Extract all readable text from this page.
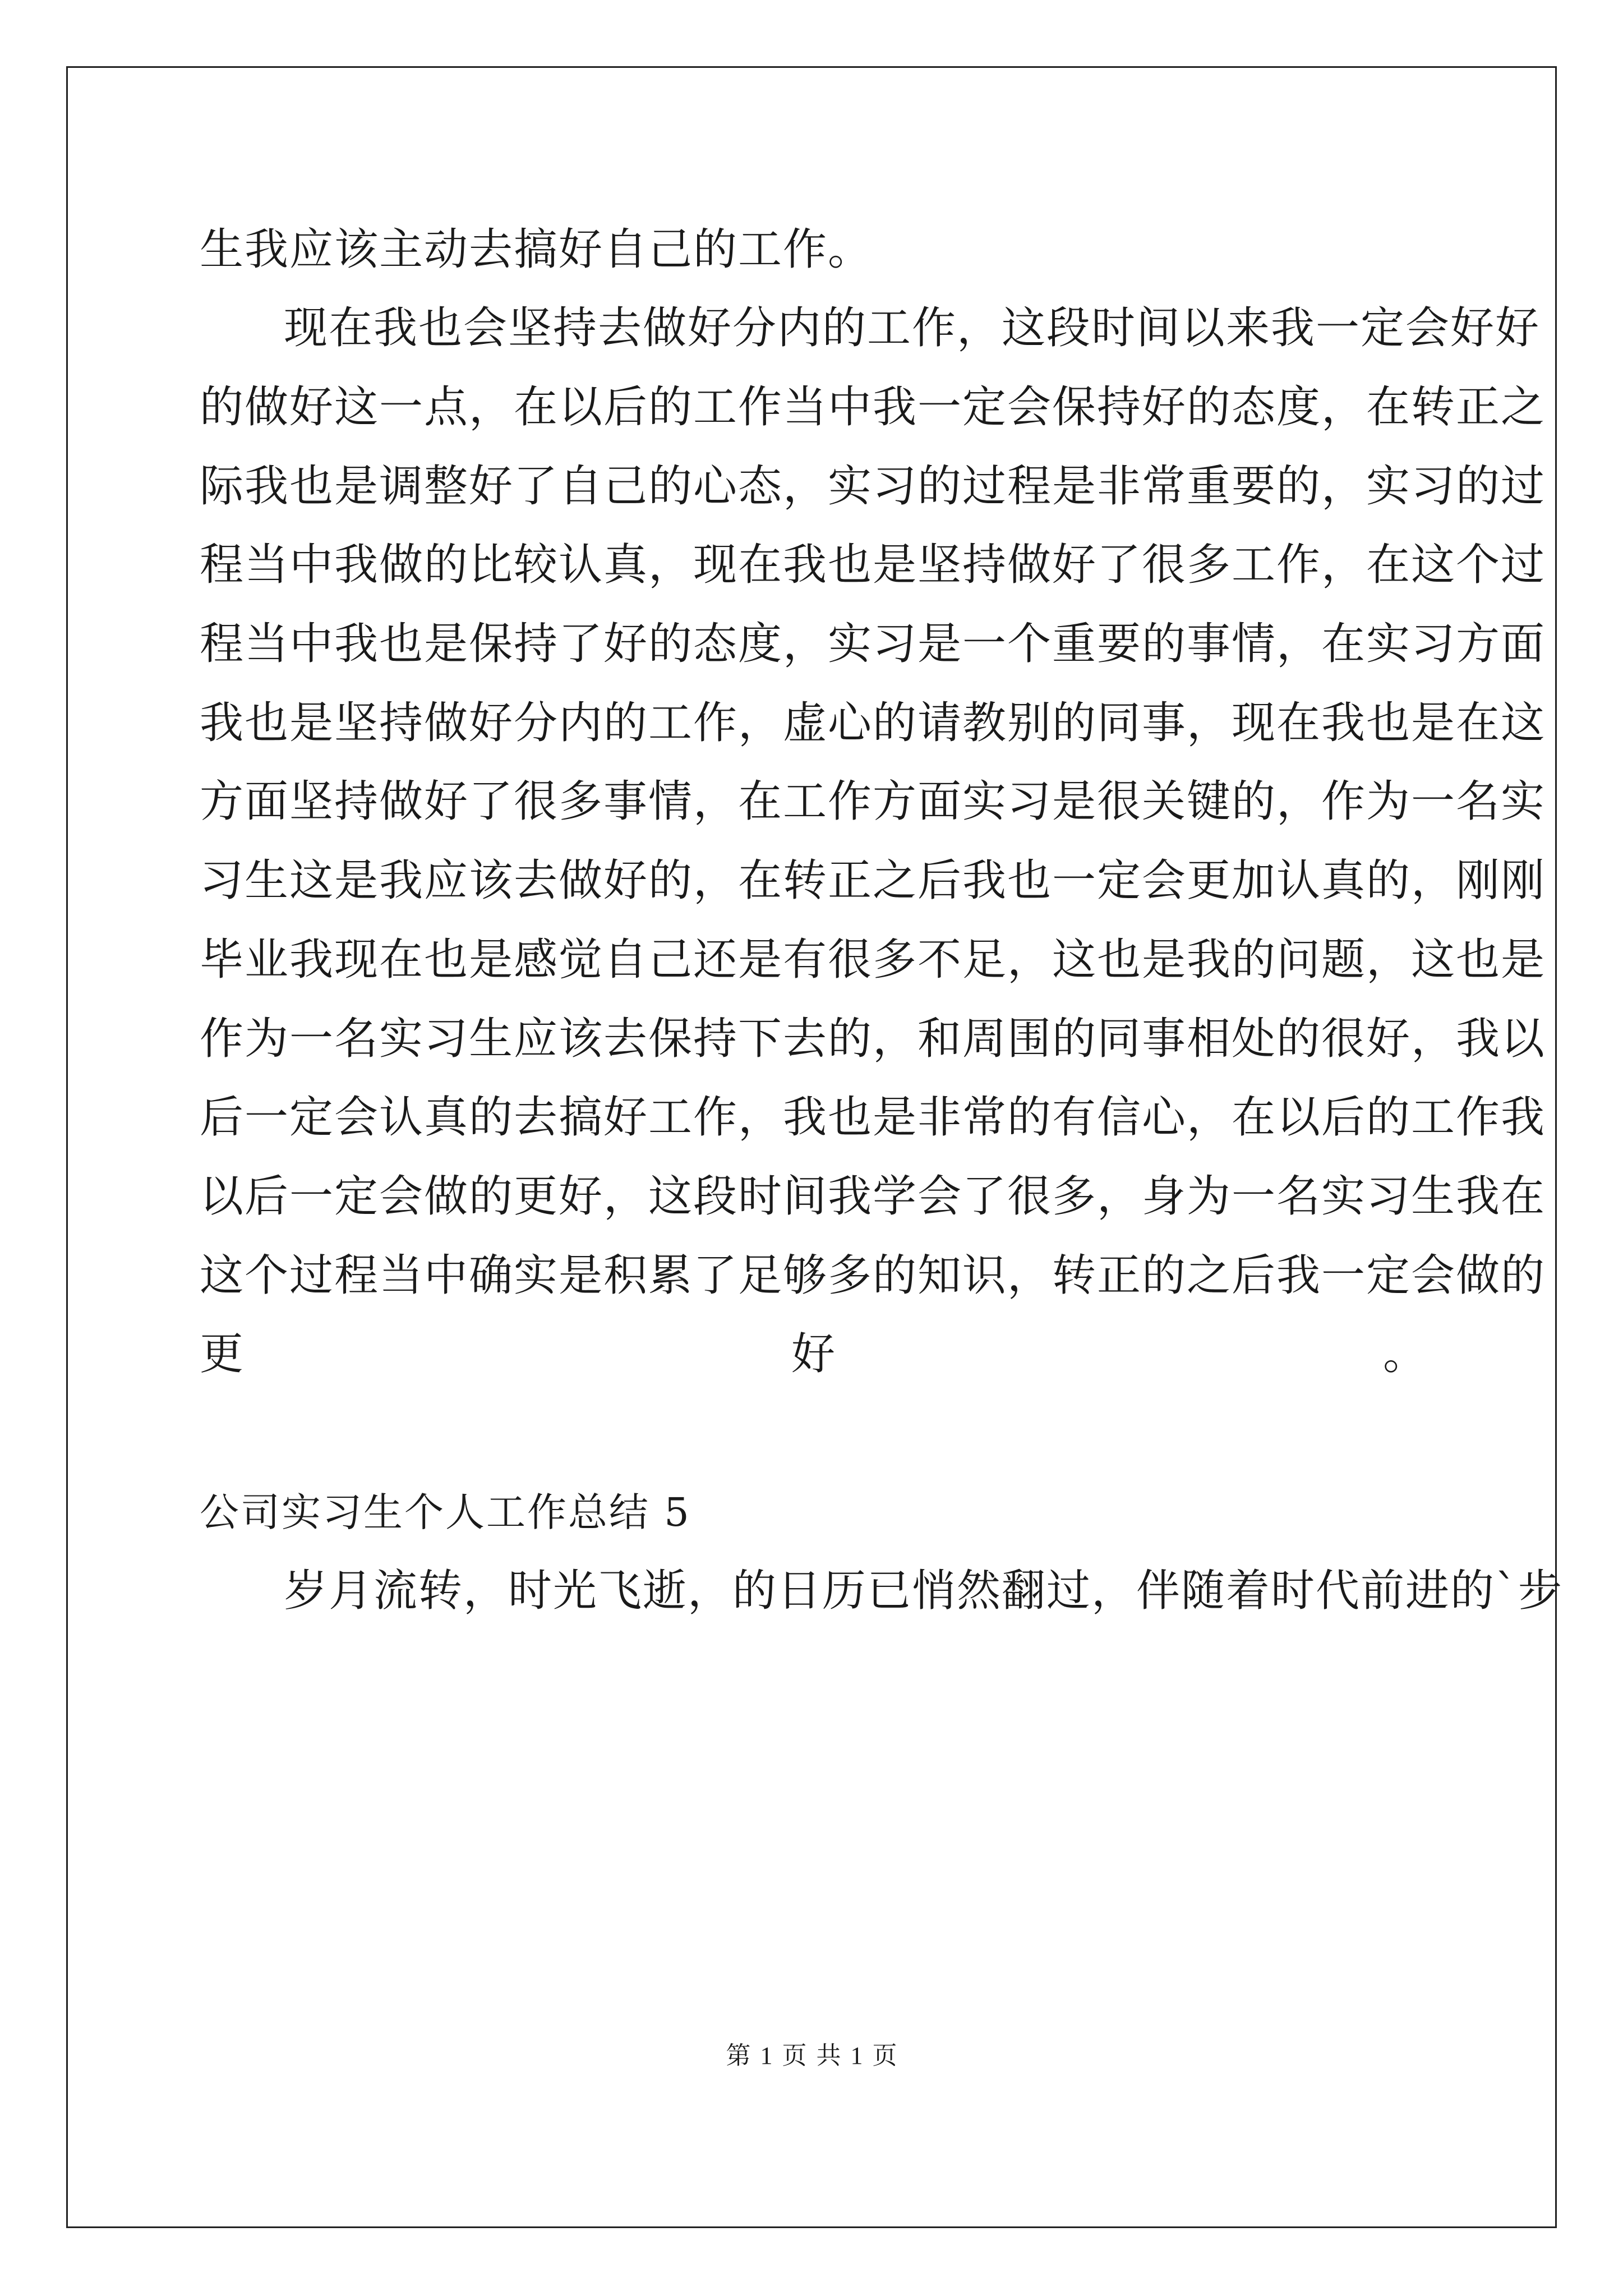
生我应该主动去搞好自己的工作。
现在我也会坚持去做好分内的工作，这段时间以来我一定会好好
的做好这一点，在以后的工作当中我一定会保持好的态度，在转正之
际我也是调整好了自己的心态，实习的过程是非常重要的，实习的过
程当中我做的比较认真，现在我也是坚持做好了很多工作，在这个过
程当中我也是保持了好的态度，实习是一个重要的事情，在实习方面
我也是坚持做好分内的工作，虚心的请教别的同事，现在我也是在这
方面坚持做好了很多事情，在工作方面实习是很关键的，作为一名实
习生这是我应该去做好的，在转正之后我也一定会更加认真的，刚刚
毕业我现在也是感觉自己还是有很多不足，这也是我的问题，这也是
作为一名实习生应该去保持下去的，和周围的同事相处的很好，我以
后一定会认真的去搞好工作，我也是非常的有信心，在以后的工作我
以后一定会做的更好，这段时间我学会了很多，身为一名实习生我在
这个过程当中确实是积累了足够多的知识，转正的之后我一定会做的
更好。
公司实习生个人工作总结 5
岁月流转，时光飞逝，的日历已悄然翻过，伴随着时代前进的`步
第 1 页 共 1 页
